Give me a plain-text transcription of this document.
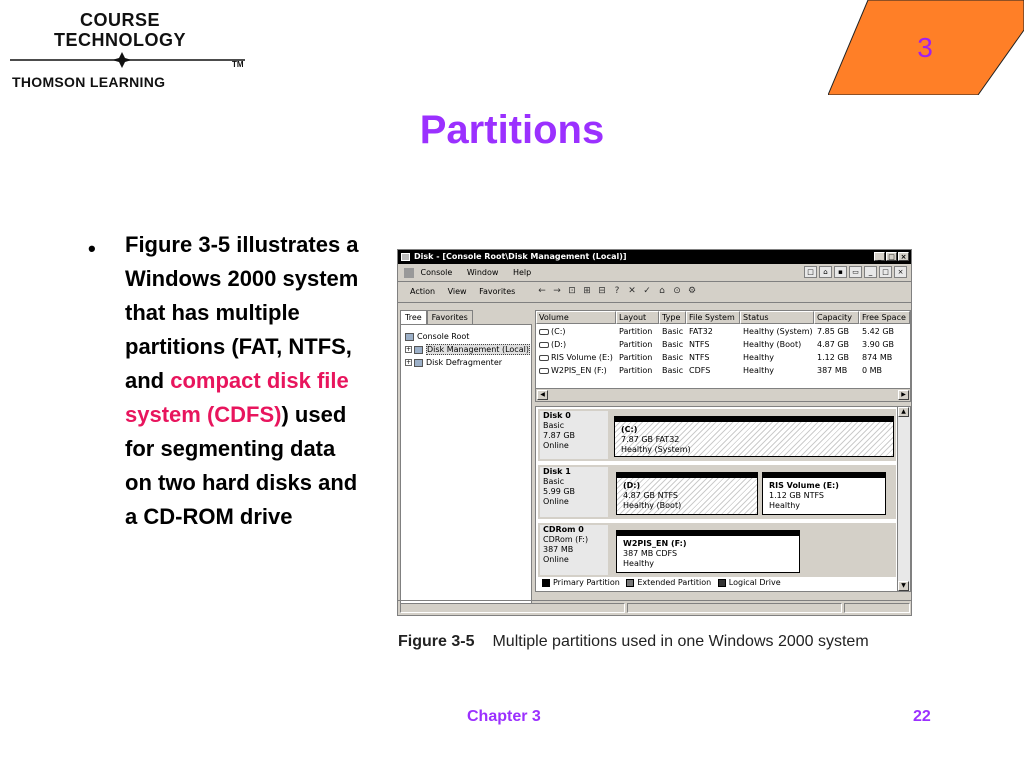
COURSE
TECHNOLOGY
TM
THOMSON LEARNING
3
Partitions
• Figure 3-5 illustrates a Windows 2000 system that has multiple partitions (FAT, NTFS, and compact disk file system (CDFS)) used for segmenting data on two hard disks and a CD-ROM drive
Disk - [Console Root\Disk Management (Local)]	_ □ ×
Console Window Help	□	⌂	▪	▭	_	□	×
Action View Favorites	← → ⊡ ⊞ ⊟ ? ✕ ✓ ⌂ ⊙ ⚙
Tree	Favorites
Console Root
+ Disk Management (Local)
+ Disk Defragmenter
Volume	Layout	Type	File System	Status	Capacity	Free Space
(C:)	Partition	Basic FAT32	Healthy (System) 7.85 GB	5.42 GB
(D:)	Partition	Basic NTFS	Healthy (Boot)	4.87 GB	3.90 GB
RIS Volume (E:) Partition	Basic NTFS	Healthy	1.12 GB	874 MB
W2PIS_EN (F:)	Partition	Basic CDFS	Healthy	387 MB	0 MB
◀	▶
Disk 0
Basic
7.87 GB
Online
(C:)
7.87 GB FAT32
Healthy (System)
Disk 1
Basic
5.99 GB
Online
(D:)
4.87 GB NTFS
Healthy (Boot)
RIS Volume (E:)
1.12 GB NTFS
Healthy
CDRom 0
CDRom (F:)
387 MB
Online
W2PIS_EN (F:)
387 MB CDFS
Healthy
Primary Partition Extended Partition Logical Drive
▲
▼
Figure 3-5 Multiple partitions used in one Windows 2000 system
Chapter 3	22
